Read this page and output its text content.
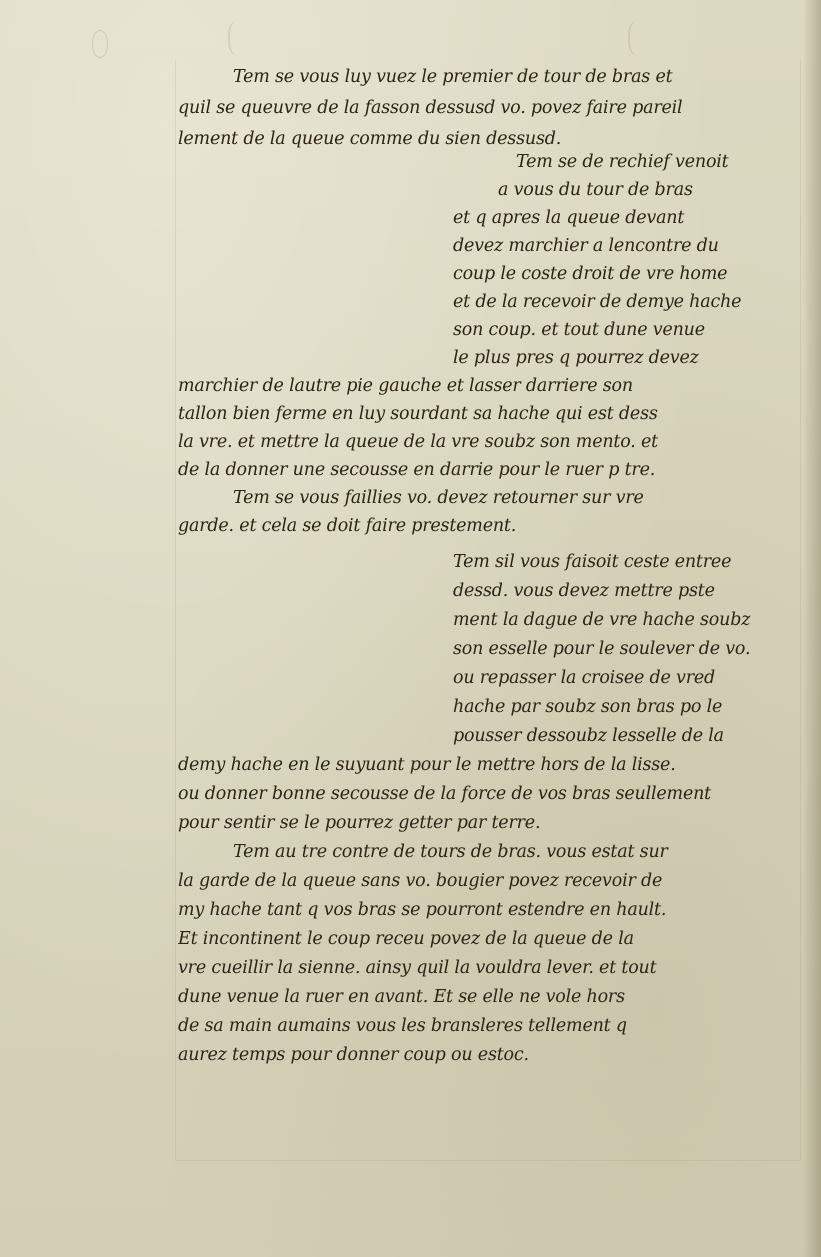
Tem se vous luy vuez le premier de tour de bras et
quil se queuvre de la fasson dessusd vo. povez faire pareil
lement de la queue comme du sien dessusd.
Tem se de rechief venoit
a vous du tour de bras
et q apres la queue devant
devez marchier a lencontre du
coup le coste droit de vre home
et de la recevoir de demye hache
son coup. et tout dune venue
le plus pres q pourrez devez
marchier de lautre pie gauche et lasser darriere son
tallon bien ferme en luy sourdant sa hache qui est dess
la vre. et mettre la queue de la vre soubz son mento. et
de la donner une secousse en darrie pour le ruer p tre.
Tem se vous faillies vo. devez retourner sur vre
garde. et cela se doit faire prestement.
Tem sil vous faisoit ceste entree
dessd. vous devez mettre pste
ment la dague de vre hache soubz
son esselle pour le soulever de vo.
ou repasser la croisee de vred
hache par soubz son bras po le
pousser dessoubz lesselle de la
demy hache en le suyuant pour le mettre hors de la lisse.
ou donner bonne secousse de la force de vos bras seullement
pour sentir se le pourrez getter par terre.
Tem au tre contre de tours de bras. vous estat sur
la garde de la queue sans vo. bougier povez recevoir de
my hache tant q vos bras se pourront estendre en hault.
Et incontinent le coup receu povez de la queue de la
vre cueillir la sienne. ainsy quil la vouldra lever. et tout
dune venue la ruer en avant. Et se elle ne vole hors
de sa main aumains vous les bransleres tellement q
aurez temps pour donner coup ou estoc.
